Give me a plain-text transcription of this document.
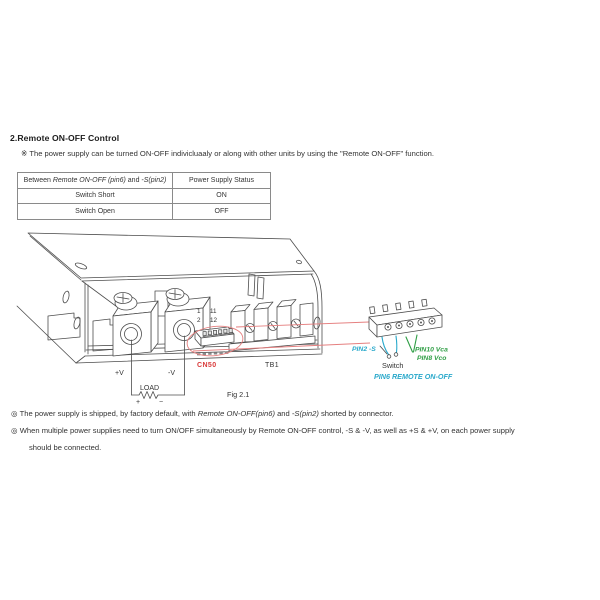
2.Remote ON-OFF Control
※ The power supply can be turned ON-OFF indivicluaaly or along with other units by using the "Remote ON-OFF" function.
Between Remote ON-OFF (pin6) and -S(pin2)	Power Supply Status
Switch Short	ON
Switch Open	OFF
1 11
2 12
+V	-V
LOAD
+	−
CN50	TB1
Fig 2.1
PIN2 -S	PIN10 Vca
PIN8 Vco
Switch
PIN6 REMOTE ON-OFF
◎ The power supply is shipped, by factory default, with Remote ON-OFF(pin6) and -S(pin2) shorted by connector.
◎ When multiple power supplies need to turn ON/OFF simultaneously by Remote ON-OFF control, -S & -V, as well as +S & +V, on each power supply
should be connected.
